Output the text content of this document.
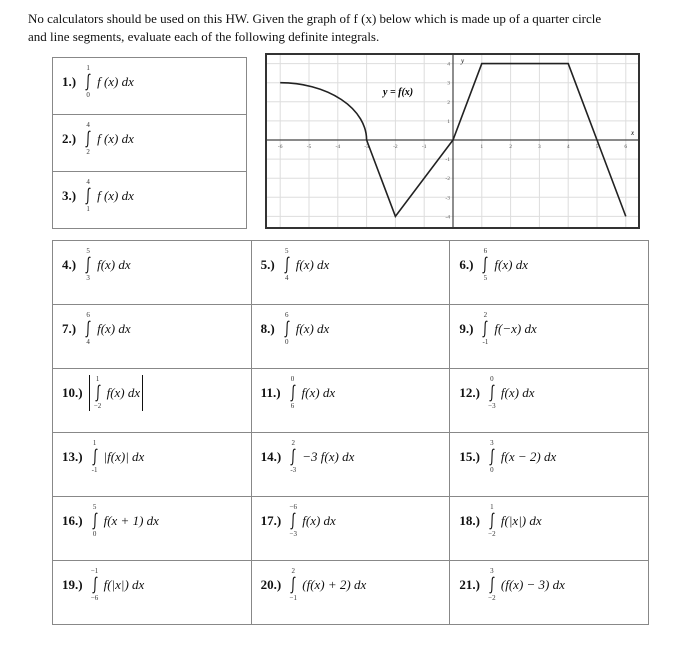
No calculators should be used on this HW. Given the graph of f (x) below which is made up of a quarter circle
and line segments, evaluate each of the following definite integrals.
1.)
1
0
f (x) dx

2.)
4
2
f (x) dx

3.)
4
1
f (x) dx
-6	-5	-4	-3	-2	-1	1	2	3	4	5	6
4
3
2
1
-1
-2
-3
-4
y
x
y = f(x)
4.)
5
3
f(x) dx	5.)
5
4
f(x) dx	6.)
6
5
f(x) dx

7.)
6
4
f(x) dx	8.)
6
0
f(x) dx	9.)
2
-1
f(−x) dx

10.)
1
−2
f(x) dx	11.)
0
6
f(x) dx	12.)
0
−3
f(x) dx

13.)
1
-1
|f(x)| dx	14.)
2
-3
−3 f(x) dx	15.)
3
0
f(x − 2) dx

16.)
5
0
f(x + 1) dx	17.)
−6
−3
f(x) dx	18.)
1
−2
f(|x|) dx

19.)
−1
−6
f(|x|) dx	20.)
2
−1
(f(x) + 2) dx	21.)
3
−2
(f(x) − 3) dx
